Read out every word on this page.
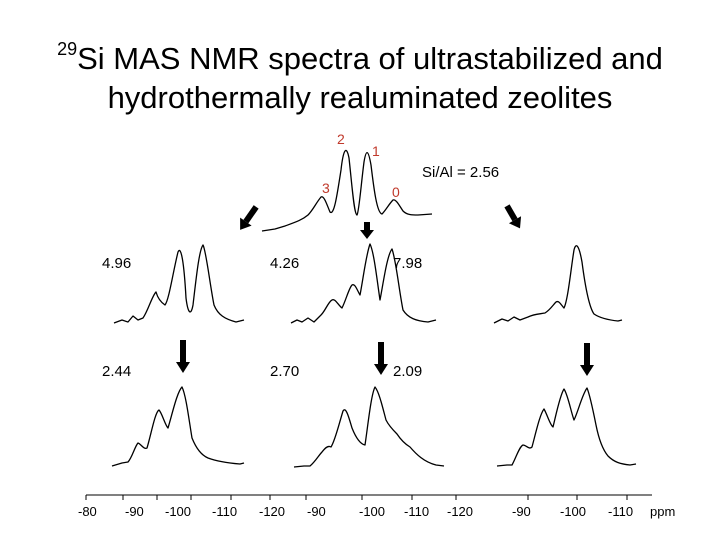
$^{29}$Si MAS NMR spectra of ultrastabilized and
hydrothermally realuminated zeolites
2
1
3	0
Si/Al = 2.56
4.96	4.26	7.98
2.44	2.70	2.09
-80 -90 -100 -110 -120 -90	-100 -110 -120	-90 -100 -110 ppm
